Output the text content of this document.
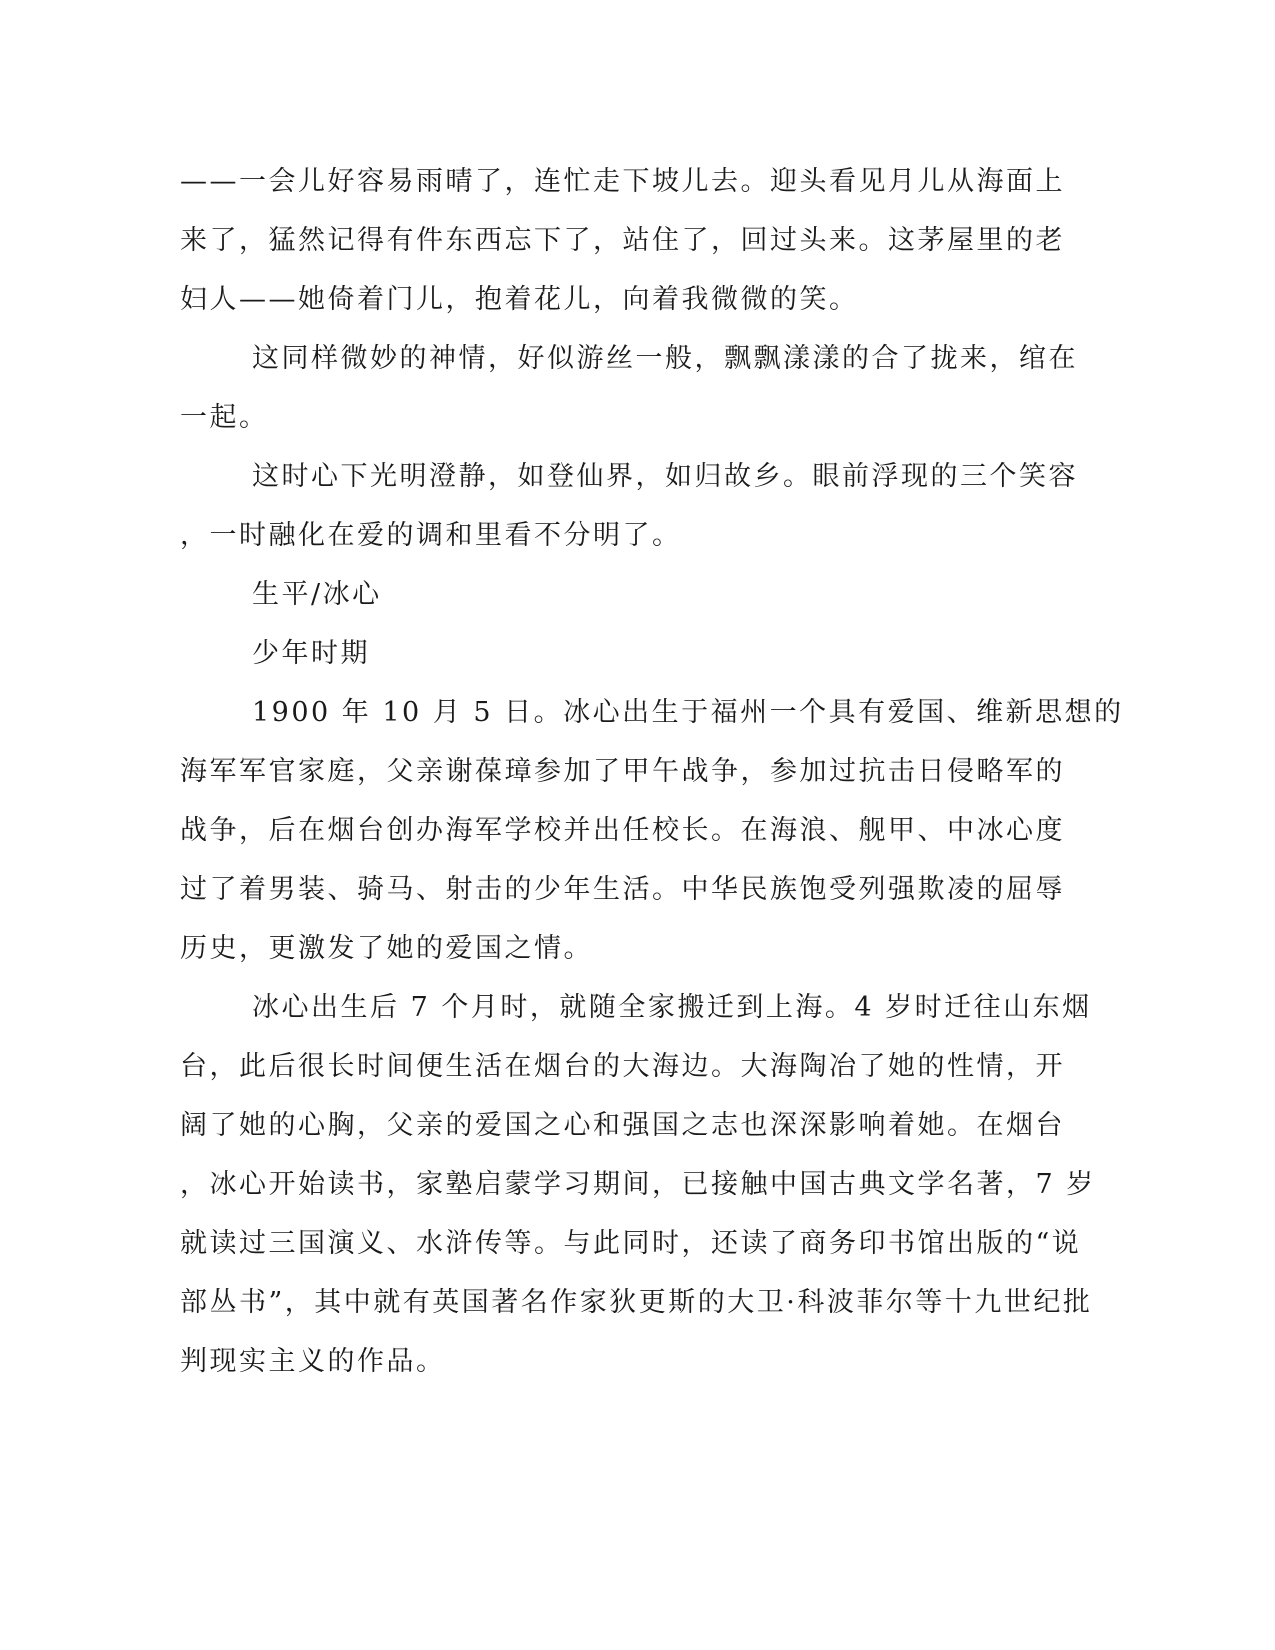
——一会儿好容易雨晴了，连忙走下坡儿去。迎头看见月儿从海面上
来了，猛然记得有件东西忘下了，站住了，回过头来。这茅屋里的老
妇人——她倚着门儿，抱着花儿，向着我微微的笑。
这同样微妙的神情，好似游丝一般，飘飘漾漾的合了拢来，绾在
一起。
这时心下光明澄静，如登仙界，如归故乡。眼前浮现的三个笑容
，一时融化在爱的调和里看不分明了。
生平/冰心
少年时期
1900 年 10 月 5 日。冰心出生于福州一个具有爱国、维新思想的
海军军官家庭，父亲谢葆璋参加了甲午战争，参加过抗击日侵略军的
战争，后在烟台创办海军学校并出任校长。在海浪、舰甲、中冰心度
过了着男装、骑马、射击的少年生活。中华民族饱受列强欺凌的屈辱
历史，更激发了她的爱国之情。
冰心出生后 7 个月时，就随全家搬迁到上海。4 岁时迁往山东烟
台，此后很长时间便生活在烟台的大海边。大海陶冶了她的性情，开
阔了她的心胸，父亲的爱国之心和强国之志也深深影响着她。在烟台
，冰心开始读书，家塾启蒙学习期间，已接触中国古典文学名著，7 岁
就读过三国演义、水浒传等。与此同时，还读了商务印书馆出版的“说
部丛书”，其中就有英国著名作家狄更斯的大卫·科波菲尔等十九世纪批
判现实主义的作品。
